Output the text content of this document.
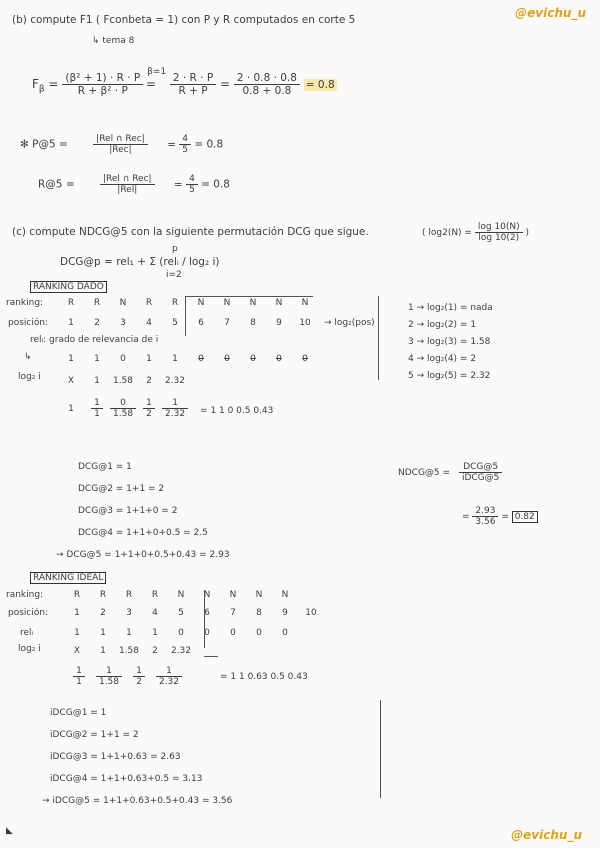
@evichu_u
@evichu_u
(b) compute F1 ( Fconbeta = 1) con P y R computados en corte 5
↳ tema 8
$F_\beta = \frac{\text{(β² + 1) · R · P}}{\text{R + β² · P}} ^{\beta=1} = \frac{2 \cdot R \cdot P}{R + P} = \frac{2 \cdot 0.8 \cdot 0.8}{0.8 + 0.8} = 0.8$
✻ P@5 =	$\frac{\text{|Rel ∩ Rec|}}{\text{|Rec|}} = \frac{4}{5} = 0.8$
R@5 =	$\frac{\text{|Rel ∩ Rec|}}{\text{|Rel|}} = \frac{4}{5} = 0.8$
(c) compute NDCG@5 con la siguiente permutación DCG que sigue.	( $\log 2(N) = \frac{\log 10(N)}{\log 10(2)}$ )
DCG@p = rel₁ + Σ (relᵢ / log₂ i)
p
i=2
RANKING DADO
ranking:	R	R	N	R	R	N	N	N	N	N
posición: 1	2	3	4	5	6	7	8	9	10 → log₂(pos)
relᵢ: grado de relevancia de i
↳	1	1	0	1	1	0	0	0	0	0
log₂ i	X	1	1.58	2	2.32
1	$\frac{1}{1}$	$\frac{0}{1.58}$	$\frac{1}{2}$	$\frac{1}{2.32} = 1$ 1 0 0.5 0.43
1 → log₂(1) = nada
2 → log₂(2) = 1
3 → log₂(3) = 1.58
4 → log₂(4) = 2
5 → log₂(5) = 2.32
DCG@1 = 1
DCG@2 = 1+1 = 2
DCG@3 = 1+1+0 = 2
DCG@4 = 1+1+0+0.5 = 2.5
→ DCG@5 = 1+1+0+0.5+0.43 = 2.93
NDCG@5 = $\frac{\text{DCG@5}}{\text{iDCG@5}}$
= $\frac{2.93}{3.56} = 0.82$
RANKING IDEAL
ranking:	R	R	R	R	N	N	N	N	N
posición:	1	2	3	4	5	6	7	8	9	10
relᵢ	1	1	1	1	0	0	0	0	0
log₂ i	X	1	1.58	2	2.32
$\frac{1}{1}$	$\frac{1}{1.58}$	$\frac{1}{2}$	$\frac{1}{2.32}$	= 1 1 0.63 0.5 0.43
iDCG@1 = 1
iDCG@2 = 1+1 = 2
iDCG@3 = 1+1+0.63 = 2.63
iDCG@4 = 1+1+0.63+0.5 = 3.13
→ iDCG@5 = 1+1+0.63+0.5+0.43 = 3.56
◣
